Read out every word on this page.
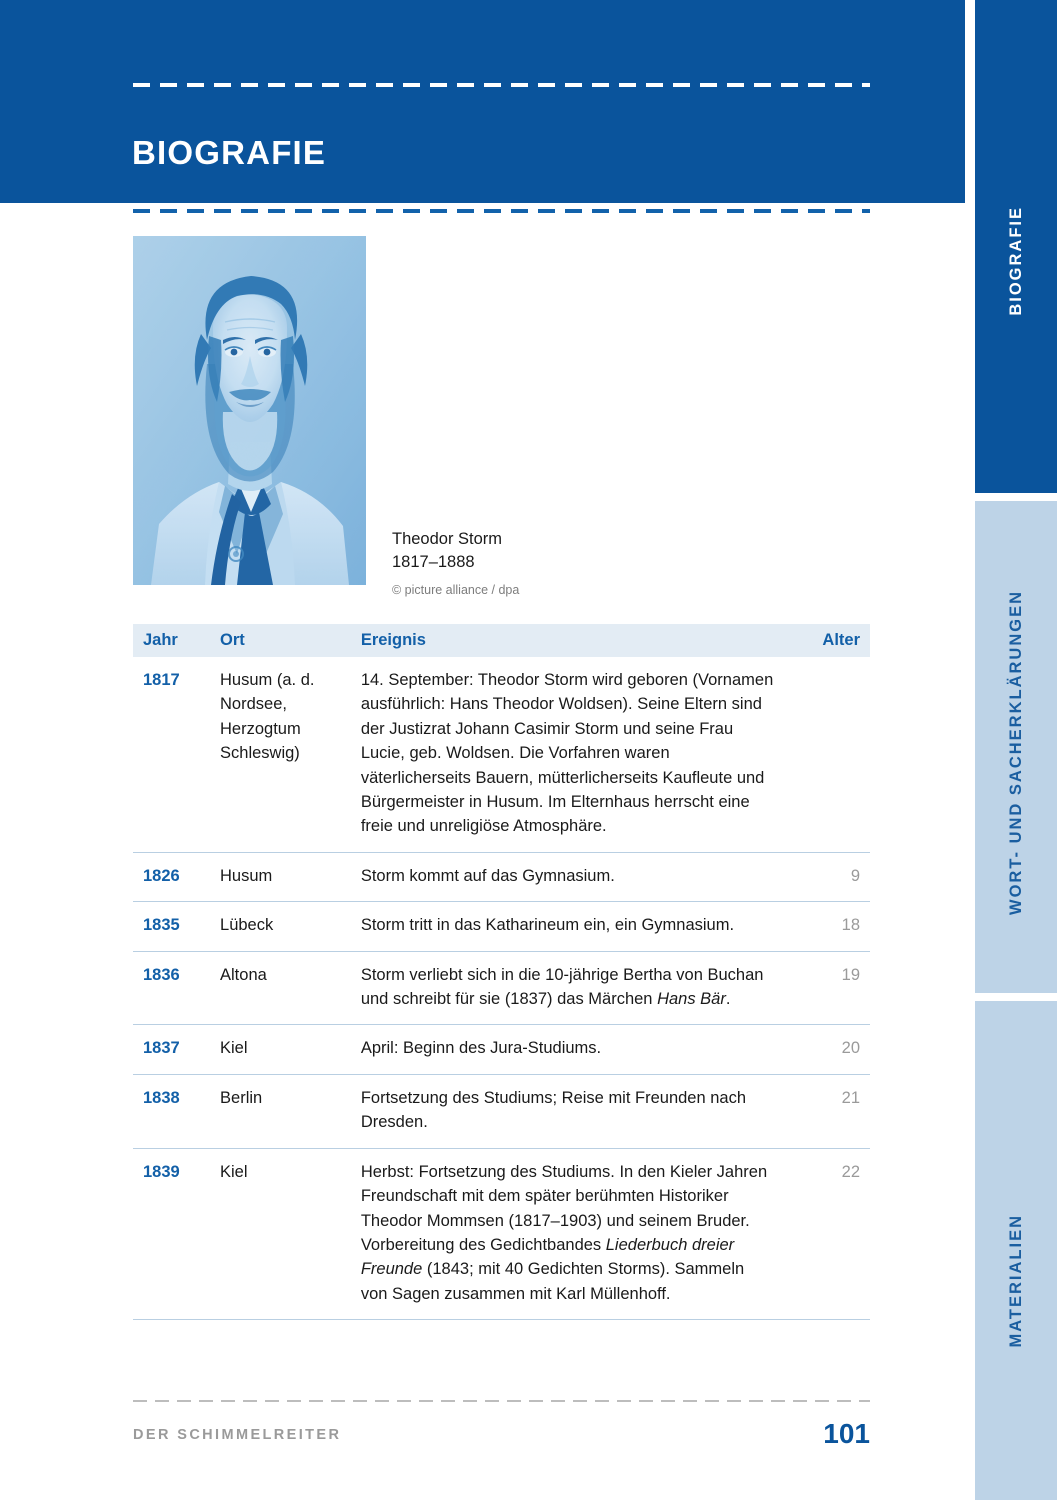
BIOGRAFIE
Theodor Storm
1817–1888
© picture alliance / dpa
Jahr	Ort	Ereignis	Alter
1817	Husum (a. d. Nordsee, Herzogtum Schleswig)	14. September: Theodor Storm wird geboren (Vornamen ausführlich: Hans Theodor Woldsen). Seine Eltern sind der Justizrat Johann Casimir Storm und seine Frau Lucie, geb. Woldsen. Die Vorfahren waren väterlicherseits Bauern, mütterlicherseits Kaufleute und Bürgermeister in Husum. Im Elternhaus herrscht eine freie und unreligiöse Atmosphäre.	
1826	Husum	Storm kommt auf das Gymnasium.	9
1835	Lübeck	Storm tritt in das Katharineum ein, ein Gymnasium.	18
1836	Altona	Storm verliebt sich in die 10-jährige Bertha von Buchan und schreibt für sie (1837) das Märchen Hans Bär.	19
1837	Kiel	April: Beginn des Jura-Studiums.	20
1838	Berlin	Fortsetzung des Studiums; Reise mit Freunden nach Dresden.	21
1839	Kiel	Herbst: Fortsetzung des Studiums. In den Kieler Jahren Freundschaft mit dem später berühmten Historiker Theodor Mommsen (1817–1903) und seinem Bruder. Vorbereitung des Gedichtbandes Liederbuch dreier Freunde (1843; mit 40 Gedichten Storms). Sammeln von Sagen zusammen mit Karl Müllenhoff.	22

DER SCHIMMELREITER	101
BIOGRAFIE
WORT- UND SACHERKLÄRUNGEN
MATERIALIEN
